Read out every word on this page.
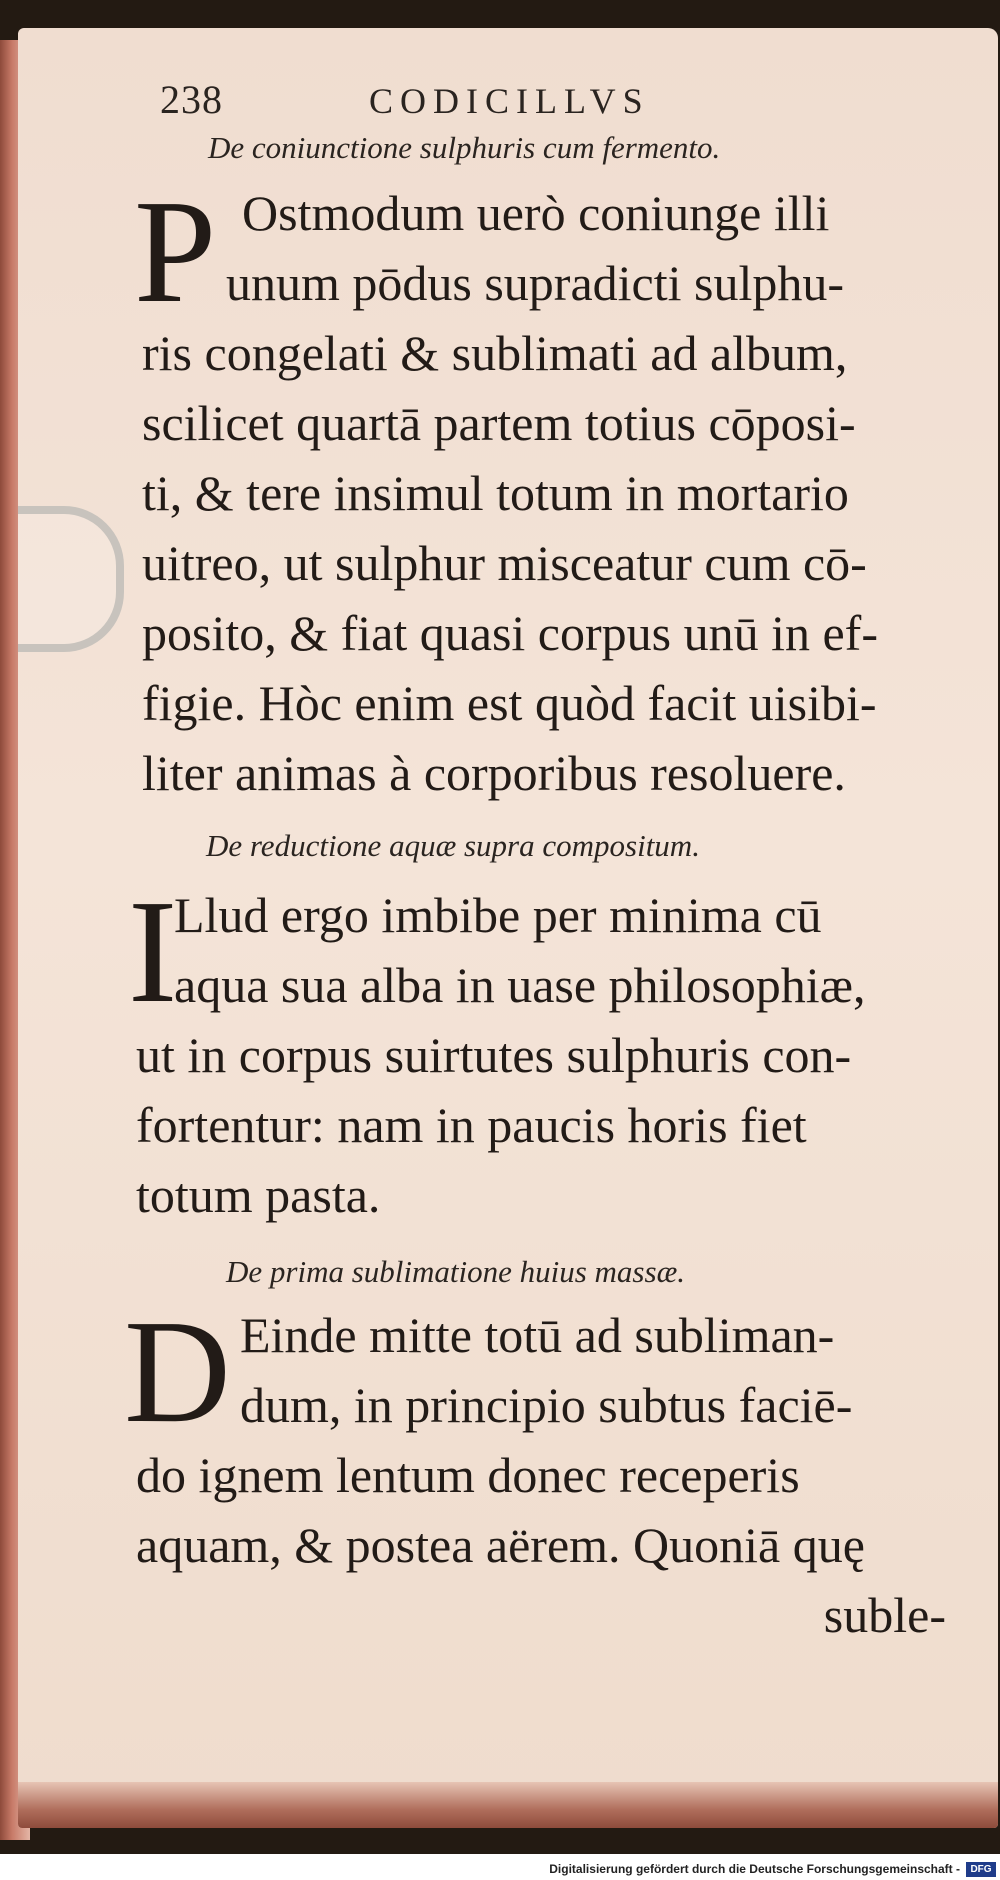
238	CODICILLVS
De coniunctione sulphuris cum fermento.
P Ostmodum uerò coniunge illi
unum pōdus supradicti sulphu-
ris congelati & sublimati ad album,
scilicet quartā partem totius cōposi-
ti, & tere insimul totum in mortario
uitreo, ut sulphur misceatur cum cō-
posito, & fiat quasi corpus unū in ef-
figie. Hòc enim est quòd facit uisibi-
liter animas à corporibus resoluere.
De reductione aquæ supra compositum.
I
Llud ergo imbibe per minima cū
aqua sua alba in uase philosophiæ,
ut in corpus suirtutes sulphuris con-
fortentur: nam in paucis horis fiet
totum pasta.
De prima sublimatione huius massæ.
D Einde mitte totū ad subliman-
dum, in principio subtus faciē-
do ignem lentum donec receperis
aquam, & postea aërem. Quoniā quę
suble-
Digitalisierung gefördert durch die Deutsche Forschungsgemeinschaft -	DFG
